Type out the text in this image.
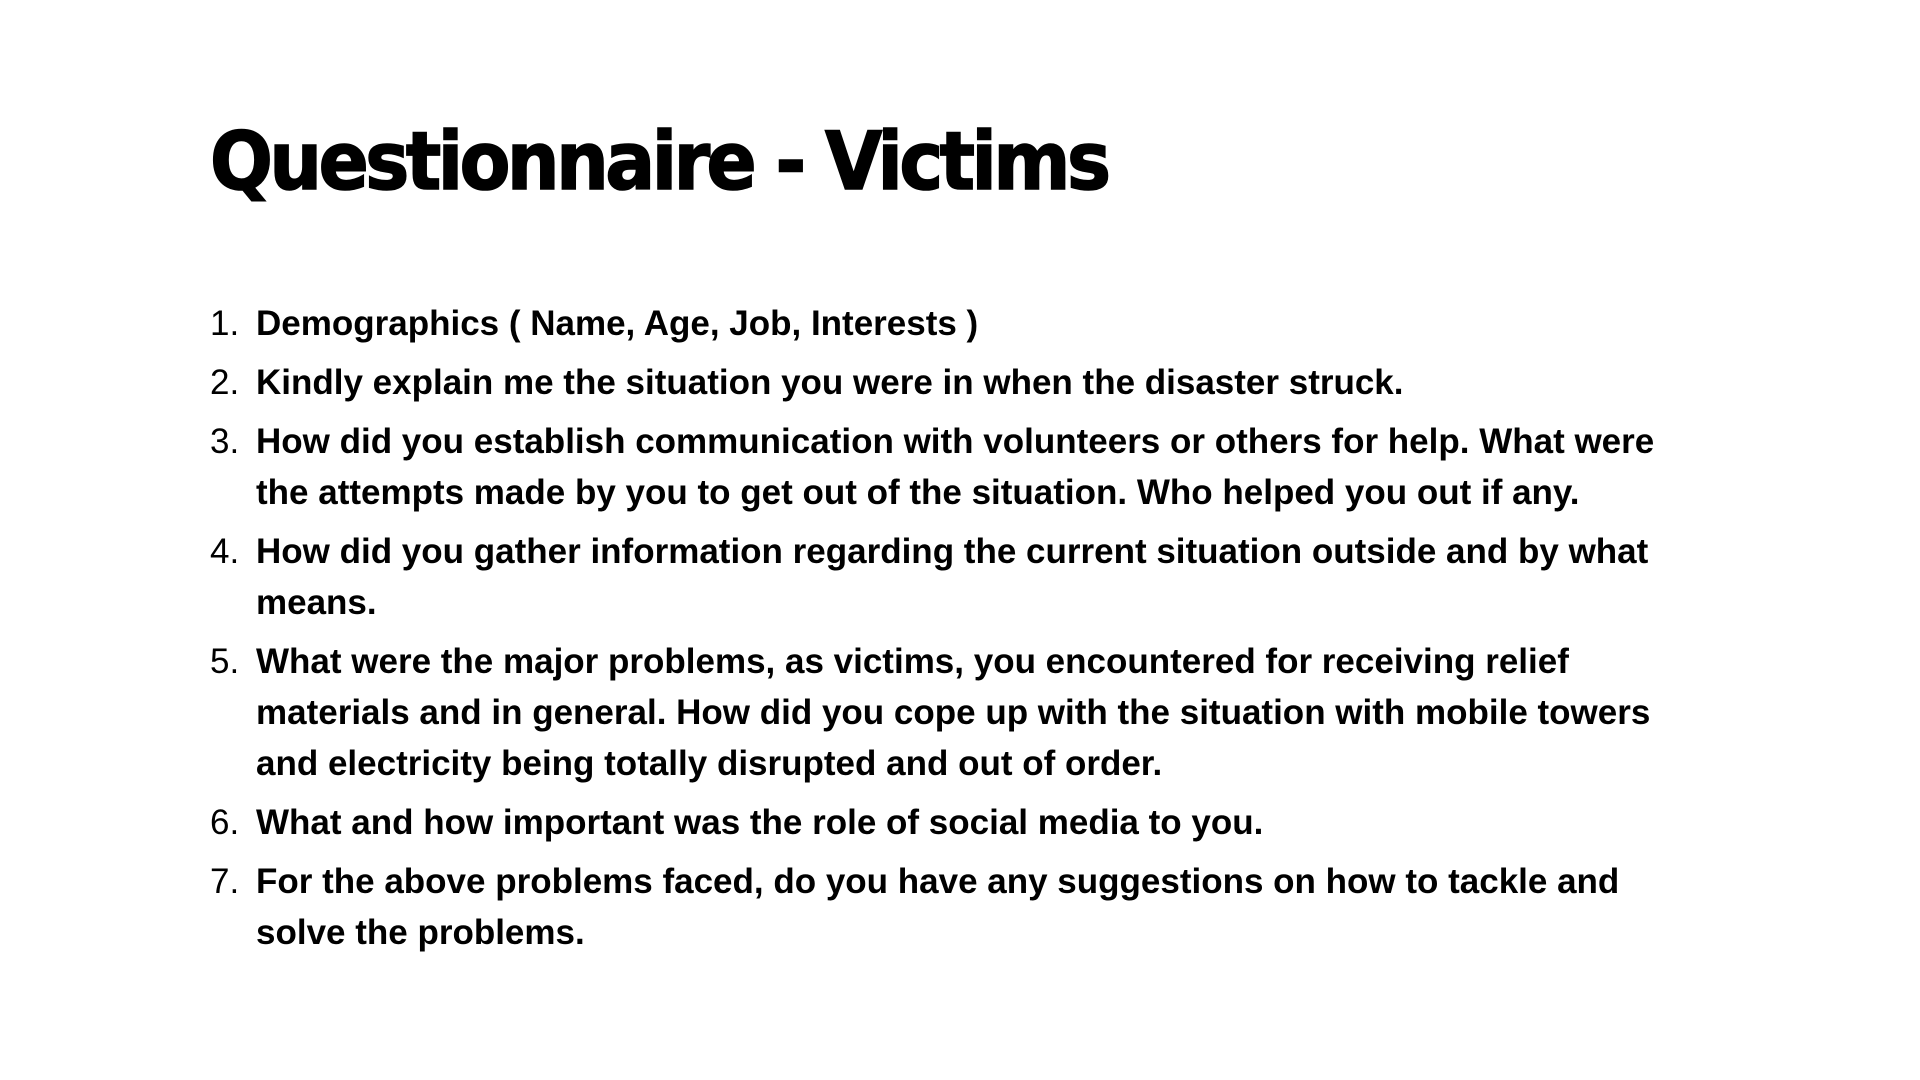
Questionnaire - Victims
1. Demographics ( Name, Age, Job, Interests )
2. Kindly explain me the situation you were in when the disaster struck.
3. How did you establish communication with volunteers or others for help. What were the attempts made by you to get out of the situation. Who helped you out if any.
4. How did you gather information regarding the current situation outside and by what means.
5. What were the major problems, as victims, you encountered for receiving relief materials and in general. How did you cope up with the situation with mobile towers and electricity being totally disrupted and out of order.
6. What and how important was the role of social media to you.
7. For the above problems faced, do you have any suggestions on how to tackle and solve the problems.
